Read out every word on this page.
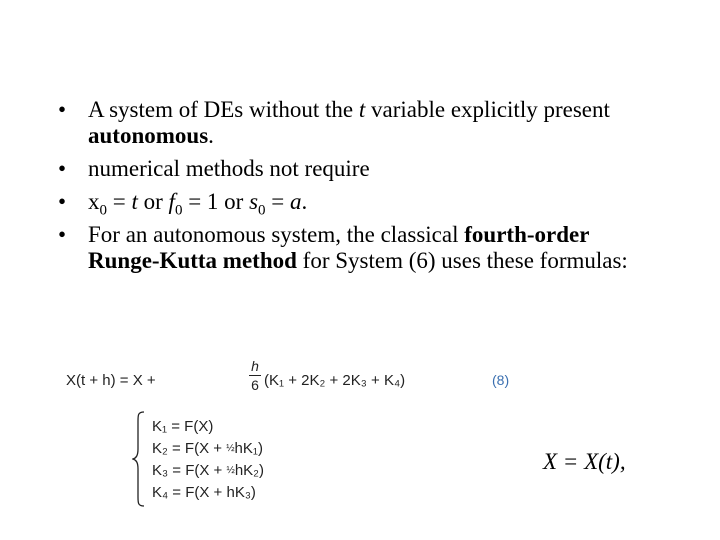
• A system of DEs without the t variable explicitly present autonomous.
• numerical methods not require
• $x_0 = t$ or $f_0 = 1$ or $s_0 = a$.
• For an autonomous system, the classical fourth-order Runge-Kutta method for System (6) uses these formulas:
X(t + h) = X +
h
6 (K₁ + 2K₂ + 2K₃ + K₄)	(8)
K₁ = F(X)
K₂ = F(X + ½hK₁)
K₃ = F(X + ½hK₂)
K₄ = F(X + hK₃)
X = X(t),
